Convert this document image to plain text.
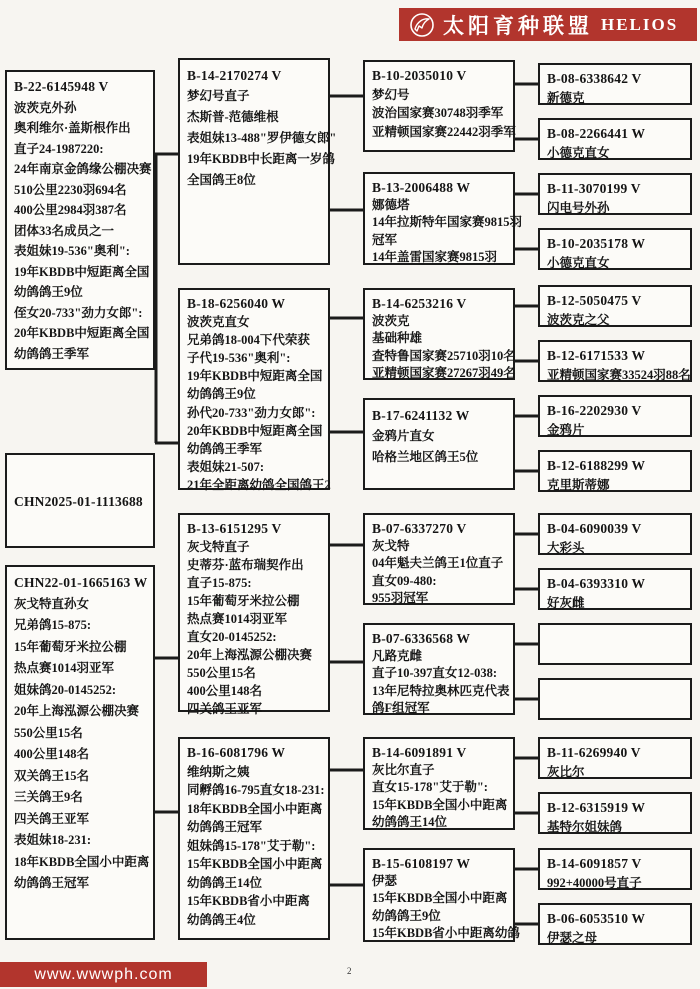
太阳育种联盟 HELIOS
B-22-6145948 V
波茨克外孙
奥利维尔·盖斯根作出
直子24-1987220:
24年南京金鸽缘公棚决赛
510公里2230羽694名
400公里2984羽387名
团体33名成员之一
表姐妹19-536"奥利":
19年KBDB中短距离全国
幼鸽鸽王9位
侄女20-733"劲力女郎":
20年KBDB中短距离全国
幼鸽鸽王季军
CHN2025-01-1113688
CHN22-01-1665163 W
灰戈特直孙女
兄弟鸽15-875:
15年葡萄牙米拉公棚
热点赛1014羽亚军
姐妹鸽20-0145252:
20年上海泓源公棚决赛
550公里15名
400公里148名
双关鸽王15名
三关鸽王9名
四关鸽王亚军
表姐妹18-231:
18年KBDB全国小中距离
幼鸽鸽王冠军
B-14-2170274 V
梦幻号直子
杰斯普-范德维根
表姐妹13-488"罗伊德女郎"
19年KBDB中长距离一岁鸽
全国鸽王8位
B-18-6256040 W
波茨克直女
兄弟鸽18-004下代荣获
子代19-536"奥利":
19年KBDB中短距离全国
幼鸽鸽王9位
孙代20-733"劲力女郎":
20年KBDB中短距离全国
幼鸽鸽王季军
表姐妹21-507:
21年全距离幼鸽全国鸽王2
B-13-6151295 V
灰戈特直子
史蒂芬·蓝布瑞契作出
直子15-875:
15年葡萄牙米拉公棚
热点赛1014羽亚军
直女20-0145252:
20年上海泓源公棚决赛
550公里15名
400公里148名
四关鸽王亚军
B-16-6081796 W
维纳斯之姨
同孵鸽16-795直女18-231:
18年KBDB全国小中距离
幼鸽鸽王冠军
姐妹鸽15-178"艾于勒":
15年KBDB全国小中距离
幼鸽鸽王14位
15年KBDB省小中距离
幼鸽鸽王4位
B-10-2035010 V
梦幻号
波治国家赛30748羽季军
亚精顿国家赛22442羽季军
B-13-2006488 W
娜德塔
14年拉斯特年国家赛9815羽
冠军
14年盖雷国家赛9815羽
B-14-6253216 V
波茨克
基础种雄
查特鲁国家赛25710羽10名
亚精顿国家赛27267羽49名
B-17-6241132 W
金鸦片直女
哈格兰地区鸽王5位
B-07-6337270 V
灰戈特
04年魁夫兰鸽王1位直子
直女09-480:
955羽冠军
B-07-6336568 W
凡路克雌
直子10-397直女12-038:
13年尼特拉奥林匹克代表
鸽F组冠军
B-14-6091891 V
灰比尔直子
直女15-178"艾于勒":
15年KBDB全国小中距离
幼鸽鸽王14位
B-15-6108197 W
伊瑟
15年KBDB全国小中距离
幼鸽鸽王9位
15年KBDB省小中距离幼鸽
B-08-6338642 V
新德克
B-08-2266441 W
小德克直女
B-11-3070199 V
闪电号外孙
B-10-2035178 W
小德克直女
B-12-5050475 V
波茨克之父
B-12-6171533 W
亚精顿国家赛33524羽88名
B-16-2202930 V
金鸦片
B-12-6188299 W
克里斯蒂娜
B-04-6090039 V
大彩头
B-04-6393310 W
好灰雌
B-11-6269940 V
灰比尔
B-12-6315919 W
基特尔姐妹鸽
B-14-6091857 V
992+40000号直子
B-06-6053510 W
伊瑟之母
www.wwwph.com	2
